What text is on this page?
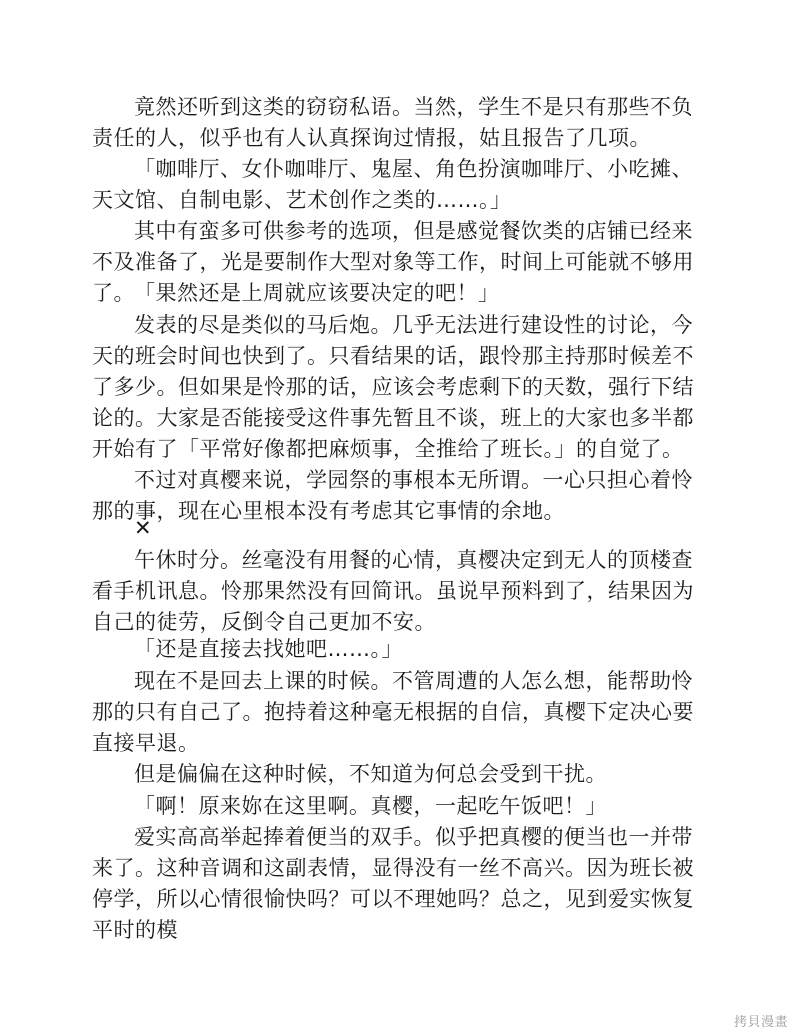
竟然还听到这类的窃窃私语。当然，学生不是只有那些不负责任的人，似乎也有人认真探询过情报，姑且报告了几项。

「咖啡厅、女仆咖啡厅、鬼屋、角色扮演咖啡厅、小吃摊、天文馆、自制电影、艺术创作之类的……。」

其中有蛮多可供参考的选项，但是感觉餐饮类的店铺已经来不及准备了，光是要制作大型对象等工作，时间上可能就不够用了。 「果然还是上周就应该要决定的吧！」

发表的尽是类似的马后炮。几乎无法进行建设性的讨论，今天的班会时间也快到了。只看结果的话，跟怜那主持那时候差不了多少。但如果是怜那的话，应该会考虑剩下的天数，强行下结论的。大家是否能接受这件事先暂且不谈，班上的大家也多半都开始有了「平常好像都把麻烦事，全推给了班长。」的自觉了。

不过对真樱来说，学园祭的事根本无所谓。一心只担心着怜那的事，现在心里根本没有考虑其它事情的余地。

✕

午休时分。丝毫没有用餐的心情，真樱决定到无人的顶楼查看手机讯息。怜那果然没有回简讯。虽说早预料到了，结果因为自己的徒劳，反倒令自己更加不安。

「还是直接去找她吧……。」

现在不是回去上课的时候。不管周遭的人怎么想，能帮助怜那的只有自己了。抱持着这种毫无根据的自信，真樱下定决心要直接早退。

但是偏偏在这种时候，不知道为何总会受到干扰。

「啊！原来妳在这里啊。真樱，一起吃午饭吧！」

爱实高高举起捧着便当的双手。似乎把真樱的便当也一并带来了。这种音调和这副表情，显得没有一丝不高兴。因为班长被停学，所以心情很愉快吗？可以不理她吗？总之，见到爱实恢复平时的模

拷貝漫畫
